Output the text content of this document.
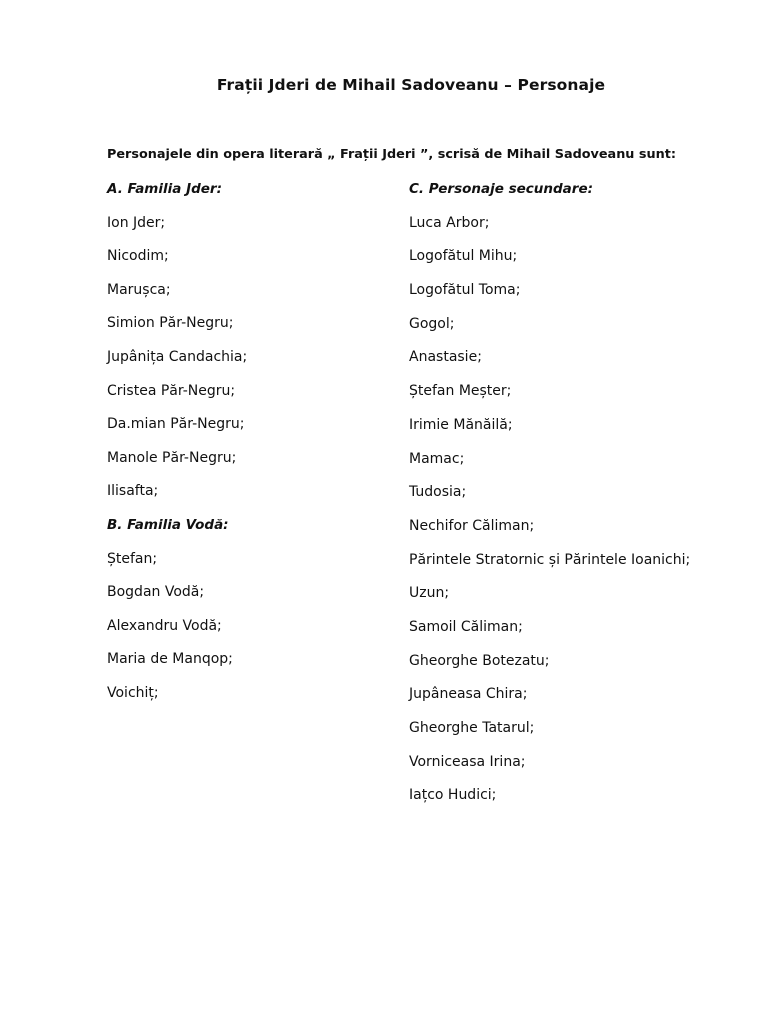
Frații Jderi de Mihail Sadoveanu – Personaje

Personajele din opera literară „ Frații Jderi ”, scrisă de Mihail Sadoveanu sunt:

A. Familia Jder:
Ion Jder;
Nicodim;
Marușca;
Simion Păr-Negru;
Jupânița Candachia;
Cristea Păr-Negru;
Da.mian Păr-Negru;
Manole Păr-Negru;
Ilisafta;
B. Familia Vodă:
Ștefan;
Bogdan Vodă;
Alexandru Vodă;
Maria de Manqop;
Voichiț;
C. Personaje secundare:
Luca Arbor;
Logofătul Mihu;
Logofătul Toma;
Gogol;
Anastasie;
Ștefan Meșter;
Irimie Mănăilă;
Mamac;
Tudosia;
Nechifor Căliman;
Părintele Stratornic și Părintele Ioanichi;
Uzun;
Samoil Căliman;
Gheorghe Botezatu;
Jupâneasa Chira;
Gheorghe Tatarul;
Vorniceasa Irina;
Iațco Hudici;
